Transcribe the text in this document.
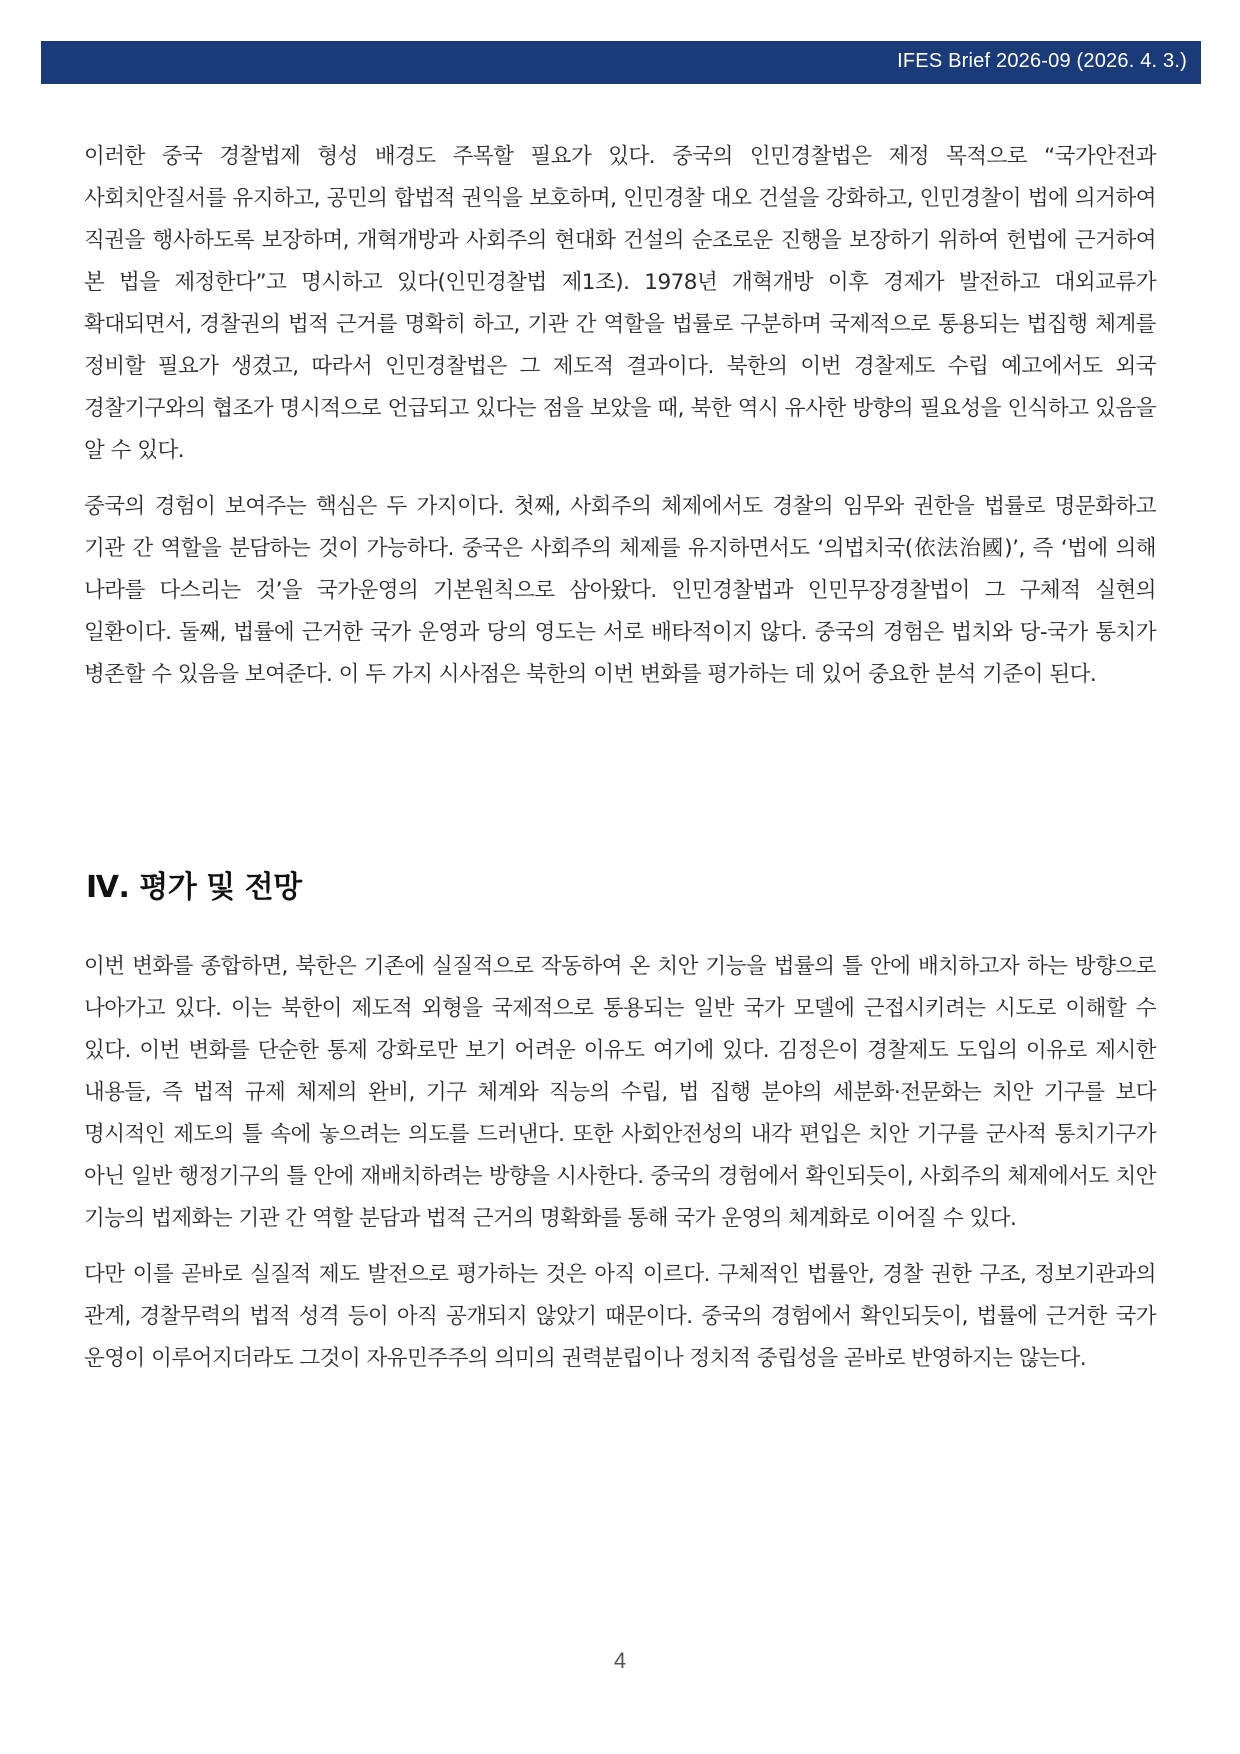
IFES Brief 2026-09 (2026. 4. 3.)

이러한 중국 경찰법제 형성 배경도 주목할 필요가 있다. 중국의 인민경찰법은 제정 목적으로 “국가안전과 사회치안질서를 유지하고, 공민의 합법적 권익을 보호하며, 인민경찰 대오 건설을 강화하고, 인민경찰이 법에 의거하여 직권을 행사하도록 보장하며, 개혁개방과 사회주의 현대화 건설의 순조로운 진행을 보장하기 위하여 헌법에 근거하여 본 법을 제정한다”고 명시하고 있다(인민경찰법 제1조). 1978년 개혁개방 이후 경제가 발전하고 대외교류가 확대되면서, 경찰권의 법적 근거를 명확히 하고, 기관 간 역할을 법률로 구분하며 국제적으로 통용되는 법집행 체계를 정비할 필요가 생겼고, 따라서 인민경찰법은 그 제도적 결과이다. 북한의 이번 경찰제도 수립 예고에서도 외국 경찰기구와의 협조가 명시적으로 언급되고 있다는 점을 보았을 때, 북한 역시 유사한 방향의 필요성을 인식하고 있음을 알 수 있다.

중국의 경험이 보여주는 핵심은 두 가지이다. 첫째, 사회주의 체제에서도 경찰의 임무와 권한을 법률로 명문화하고 기관 간 역할을 분담하는 것이 가능하다. 중국은 사회주의 체제를 유지하면서도 ‘의법치국(依法治國)’, 즉 ‘법에 의해 나라를 다스리는 것’을 국가운영의 기본원칙으로 삼아왔다. 인민경찰법과 인민무장경찰법이 그 구체적 실현의 일환이다. 둘째, 법률에 근거한 국가 운영과 당의 영도는 서로 배타적이지 않다. 중국의 경험은 법치와 당-국가 통치가 병존할 수 있음을 보여준다. 이 두 가지 시사점은 북한의 이번 변화를 평가하는 데 있어 중요한 분석 기준이 된다.

Ⅳ. 평가 및 전망

이번 변화를 종합하면, 북한은 기존에 실질적으로 작동하여 온 치안 기능을 법률의 틀 안에 배치하고자 하는 방향으로 나아가고 있다. 이는 북한이 제도적 외형을 국제적으로 통용되는 일반 국가 모델에 근접시키려는 시도로 이해할 수 있다. 이번 변화를 단순한 통제 강화로만 보기 어려운 이유도 여기에 있다. 김정은이 경찰제도 도입의 이유로 제시한 내용들, 즉 법적 규제 체제의 완비, 기구 체계와 직능의 수립, 법 집행 분야의 세분화·전문화는 치안 기구를 보다 명시적인 제도의 틀 속에 놓으려는 의도를 드러낸다. 또한 사회안전성의 내각 편입은 치안 기구를 군사적 통치기구가 아닌 일반 행정기구의 틀 안에 재배치하려는 방향을 시사한다. 중국의 경험에서 확인되듯이, 사회주의 체제에서도 치안 기능의 법제화는 기관 간 역할 분담과 법적 근거의 명확화를 통해 국가 운영의 체계화로 이어질 수 있다.

다만 이를 곧바로 실질적 제도 발전으로 평가하는 것은 아직 이르다. 구체적인 법률안, 경찰 권한 구조, 정보기관과의 관계, 경찰무력의 법적 성격 등이 아직 공개되지 않았기 때문이다. 중국의 경험에서 확인되듯이, 법률에 근거한 국가 운영이 이루어지더라도 그것이 자유민주주의 의미의 권력분립이나 정치적 중립성을 곧바로 반영하지는 않는다.

4
